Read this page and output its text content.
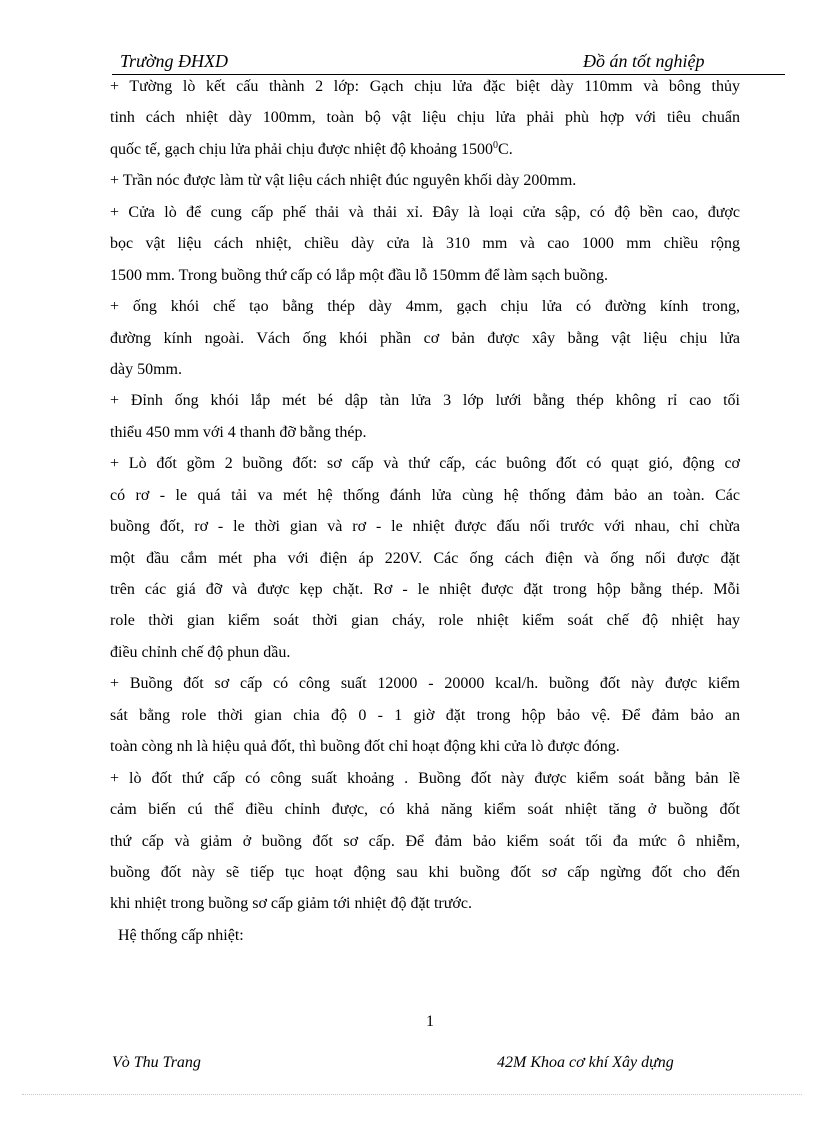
Trường ĐHXD	Đồ án tốt nghiệp
+ Tường lò kết cấu thành 2 lớp: Gạch chịu lửa đặc biệt dày 110mm và bông thủy
tinh cách nhiệt dày 100mm, toàn bộ vật liệu chịu lửa phải phù hợp với tiêu chuẩn
quốc tế, gạch chịu lửa phải chịu được nhiệt độ khoảng $1500^0C$.
+ Trần nóc được làm từ vật liệu cách nhiệt đúc nguyên khối dày 200mm.
+ Cửa lò để cung cấp phế thải và thải xỉ. Đây là loại cửa sập, có độ bền cao, được
bọc vật liệu cách nhiệt, chiều dày cửa là 310 mm và cao 1000 mm chiều rộng
1500 mm. Trong buồng thứ cấp có lắp một đầu lỗ 150mm để làm sạch buồng.
+ ống khói chế tạo bằng thép dày 4mm, gạch chịu lửa có đường kính trong,
đường kính ngoài. Vách ống khói phần cơ bản được xây bằng vật liệu chịu lửa
dày 50mm.
+ Đỉnh ống khói lắp mét bé dập tàn lửa 3 lớp lưới bằng thép không rỉ cao tối
thiểu 450 mm với 4 thanh đỡ bằng thép.
+ Lò đốt gồm 2 buồng đốt: sơ cấp và thứ cấp, các buông đốt có quạt gió, động cơ
có rơ - le quá tải va mét hệ thống đánh lửa cùng hệ thống đảm bảo an toàn. Các
buồng đốt, rơ - le thời gian và rơ - le nhiệt được đấu nối trước với nhau, chỉ chừa
một đầu cắm mét pha với điện áp 220V. Các ống cách điện và ống nối được đặt
trên các giá đỡ và được kẹp chặt. Rơ - le nhiệt được đặt trong hộp bằng thép. Mỗi
role thời gian kiểm soát thời gian cháy, role nhiệt kiểm soát chế độ nhiệt hay
điều chỉnh chế độ phun dầu.
+ Buồng đốt sơ cấp có công suất 12000 - 20000 kcal/h. buồng đốt này được kiểm
sát bằng role thời gian chia độ 0 - 1 giờ đặt trong hộp bảo vệ. Để đảm bảo an
toàn còng nh là hiệu quả đốt, thì buồng đốt chỉ hoạt động khi cửa lò được đóng.
+ lò đốt thứ cấp có công suất khoảng . Buồng đốt này được kiểm soát bằng bản lề
cảm biến cú thể điều chỉnh được, có khả năng kiểm soát nhiệt tăng ở buồng đốt
thứ cấp và giảm ở buồng đốt sơ cấp. Để đảm bảo kiểm soát tối đa mức ô nhiễm,
buồng đốt này sẽ tiếp tục hoạt động sau khi buồng đốt sơ cấp ngừng đốt cho đến
khi nhiệt trong buồng sơ cấp giảm tới nhiệt độ đặt trước.
Hệ thống cấp nhiệt:
1
Vò Thu Trang	42M Khoa cơ khí Xây dựng
